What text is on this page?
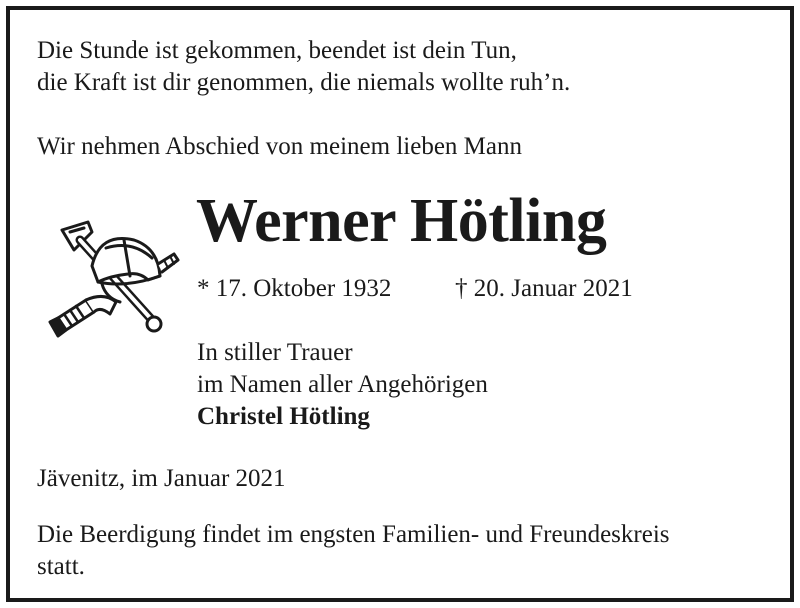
Die Stunde ist gekommen, beendet ist dein Tun,
die Kraft ist dir genommen, die niemals wollte ruh’n.
Wir nehmen Abschied von meinem lieben Mann
Werner Hötling
* 17. Oktober 1932	† 20. Januar 2021
In stiller Trauer
im Namen aller Angehörigen
Christel Hötling
Jävenitz, im Januar 2021
Die Beerdigung findet im engsten Familien- und Freundeskreis
statt.
